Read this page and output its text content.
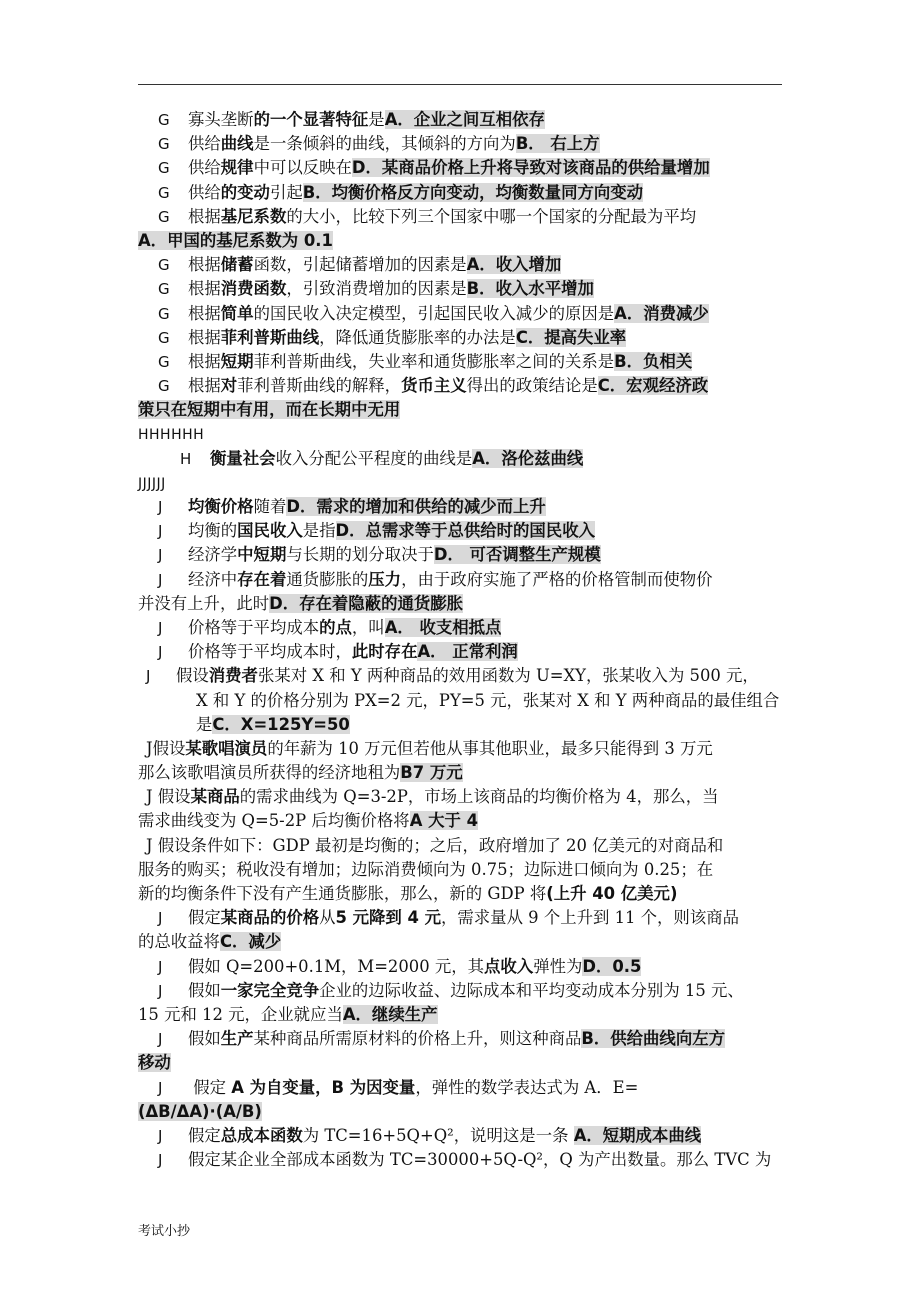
G 寡头垄断的一个显著特征是A．企业之间互相依存
G 供给曲线是一条倾斜的曲线，其倾斜的方向为B． 右上方
G 供给规律中可以反映在D．某商品价格上升将导致对该商品的供给量增加
G 供给的变动引起B．均衡价格反方向变动，均衡数量同方向变动
G 根据基尼系数的大小，比较下列三个国家中哪一个国家的分配最为平均
A．甲国的基尼系数为 0.1
G 根据储蓄函数，引起储蓄增加的因素是A．收入增加
G 根据消费函数，引致消费增加的因素是B．收入水平增加
G 根据简单的国民收入决定模型，引起国民收入减少的原因是A．消费减少
G 根据菲利普斯曲线，降低通货膨胀率的办法是C．提高失业率
G 根据短期菲利普斯曲线，失业率和通货膨胀率之间的关系是B．负相关
G 根据对菲利普斯曲线的解释，货币主义得出的政策结论是C．宏观经济政
策只在短期中有用，而在长期中无用
HHHHHH
H 衡量社会收入分配公平程度的曲线是A．洛伦兹曲线
JJJJJJ
J 均衡价格随着D．需求的增加和供给的减少而上升
J 均衡的国民收入是指D．总需求等于总供给时的国民收入
J 经济学中短期与长期的划分取决于D． 可否调整生产规模
J 经济中存在着通货膨胀的压力，由于政府实施了严格的价格管制而使物价
并没有上升，此时D．存在着隐蔽的通货膨胀
J 价格等于平均成本的点，叫A． 收支相抵点
J 价格等于平均成本时，此时存在A． 正常利润
J 假设消费者张某对 X 和 Y 两种商品的效用函数为 U=XY，张某收入为 500 元，
X 和 Y 的价格分别为 PX=2 元，PY=5 元，张某对 X 和 Y 两种商品的最佳组合
是C．X=125Y=50
J假设某歌唱演员的年薪为 10 万元但若他从事其他职业，最多只能得到 3 万元
那么该歌唱演员所获得的经济地租为B7 万元
J 假设某商品的需求曲线为 Q=3-2P，市场上该商品的均衡价格为 4，那么，当
需求曲线变为 Q=5-2P 后均衡价格将A 大于 4
J 假设条件如下：GDP 最初是均衡的；之后，政府增加了 20 亿美元的对商品和
服务的购买；税收没有增加；边际消费倾向为 0.75；边际进口倾向为 0.25；在
新的均衡条件下没有产生通货膨胀，那么，新的 GDP 将(上升 40 亿美元)
J 假定某商品的价格从5 元降到 4 元，需求量从 9 个上升到 11 个，则该商品
的总收益将C．减少
J 假如 Q=200+0.1M，M=2000 元，其点收入弹性为D．0.5
J 假如一家完全竞争企业的边际收益、边际成本和平均变动成本分别为 15 元、
15 元和 12 元，企业就应当A．继续生产
J 假如生产某种商品所需原材料的价格上升，则这种商品B．供给曲线向左方
移动
J 假定 A 为自变量，B 为因变量，弹性的数学表达式为 A．E=
(ΔB/ΔA)·(A/B)
J 假定总成本函数为 TC=16+5Q+Q²，说明这是一条 A．短期成本曲线
J 假定某企业全部成本函数为 TC=30000+5Q-Q²，Q 为产出数量。那么 TVC 为
考试小抄
